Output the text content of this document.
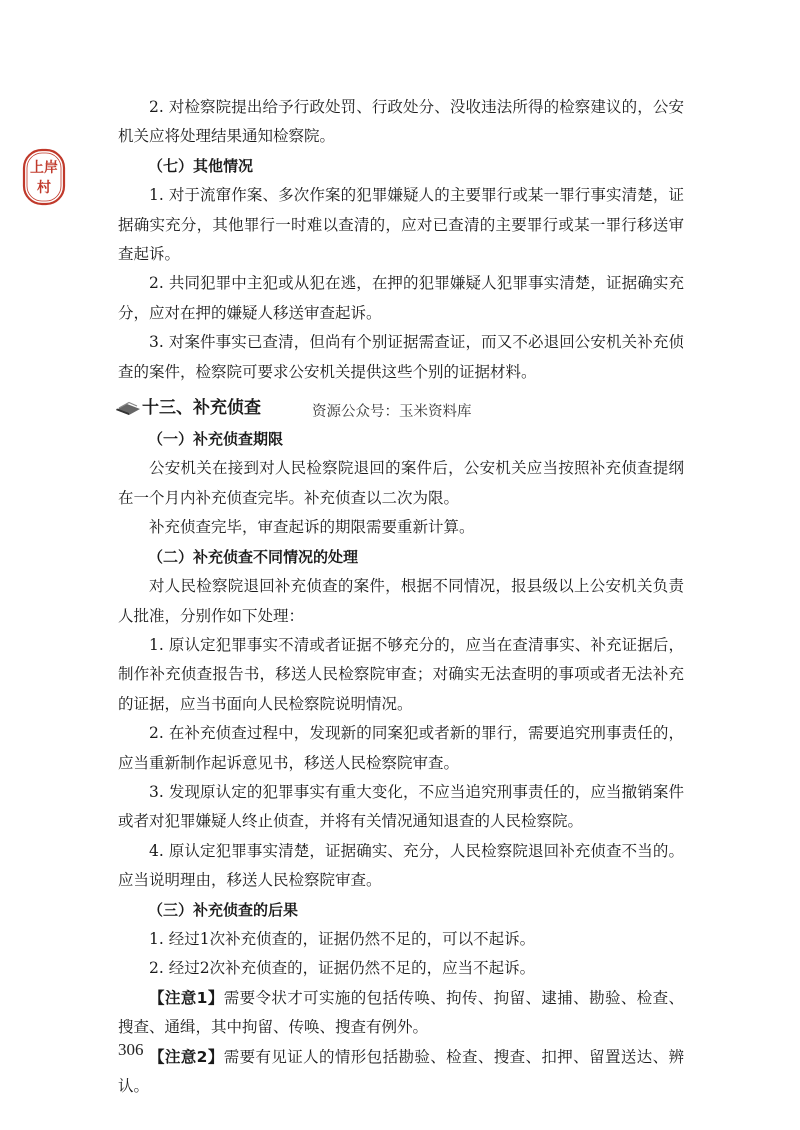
上岸
村

2. 对检察院提出给予行政处罚、行政处分、没收违法所得的检察建议的，公安机关应将处理结果通知检察院。

（七）其他情况

1. 对于流窜作案、多次作案的犯罪嫌疑人的主要罪行或某一罪行事实清楚，证据确实充分，其他罪行一时难以查清的，应对已查清的主要罪行或某一罪行移送审查起诉。

2. 共同犯罪中主犯或从犯在逃，在押的犯罪嫌疑人犯罪事实清楚，证据确实充分，应对在押的嫌疑人移送审查起诉。

3. 对案件事实已查清，但尚有个别证据需查证，而又不必退回公安机关补充侦查的案件，检察院可要求公安机关提供这些个别的证据材料。

十三、补充侦查

（一）补充侦查期限

公安机关在接到对人民检察院退回的案件后，公安机关应当按照补充侦查提纲在一个月内补充侦查完毕。补充侦查以二次为限。

补充侦查完毕，审查起诉的期限需要重新计算。

（二）补充侦查不同情况的处理

对人民检察院退回补充侦查的案件，根据不同情况，报县级以上公安机关负责人批准，分别作如下处理：

1. 原认定犯罪事实不清或者证据不够充分的，应当在查清事实、补充证据后，制作补充侦查报告书，移送人民检察院审查；对确实无法查明的事项或者无法补充的证据，应当书面向人民检察院说明情况。

2. 在补充侦查过程中，发现新的同案犯或者新的罪行，需要追究刑事责任的，应当重新制作起诉意见书，移送人民检察院审查。

3. 发现原认定的犯罪事实有重大变化，不应当追究刑事责任的，应当撤销案件或者对犯罪嫌疑人终止侦查，并将有关情况通知退查的人民检察院。

4. 原认定犯罪事实清楚，证据确实、充分，人民检察院退回补充侦查不当的。应当说明理由，移送人民检察院审查。

（三）补充侦查的后果

1. 经过1次补充侦查的，证据仍然不足的，可以不起诉。

2. 经过2次补充侦查的，证据仍然不足的，应当不起诉。

【注意1】需要令状才可实施的包括传唤、拘传、拘留、逮捕、勘验、检查、搜查、通缉，其中拘留、传唤、搜查有例外。

【注意2】需要有见证人的情形包括勘验、检查、搜查、扣押、留置送达、辨认。

资源公众号：玉米资料库
306
